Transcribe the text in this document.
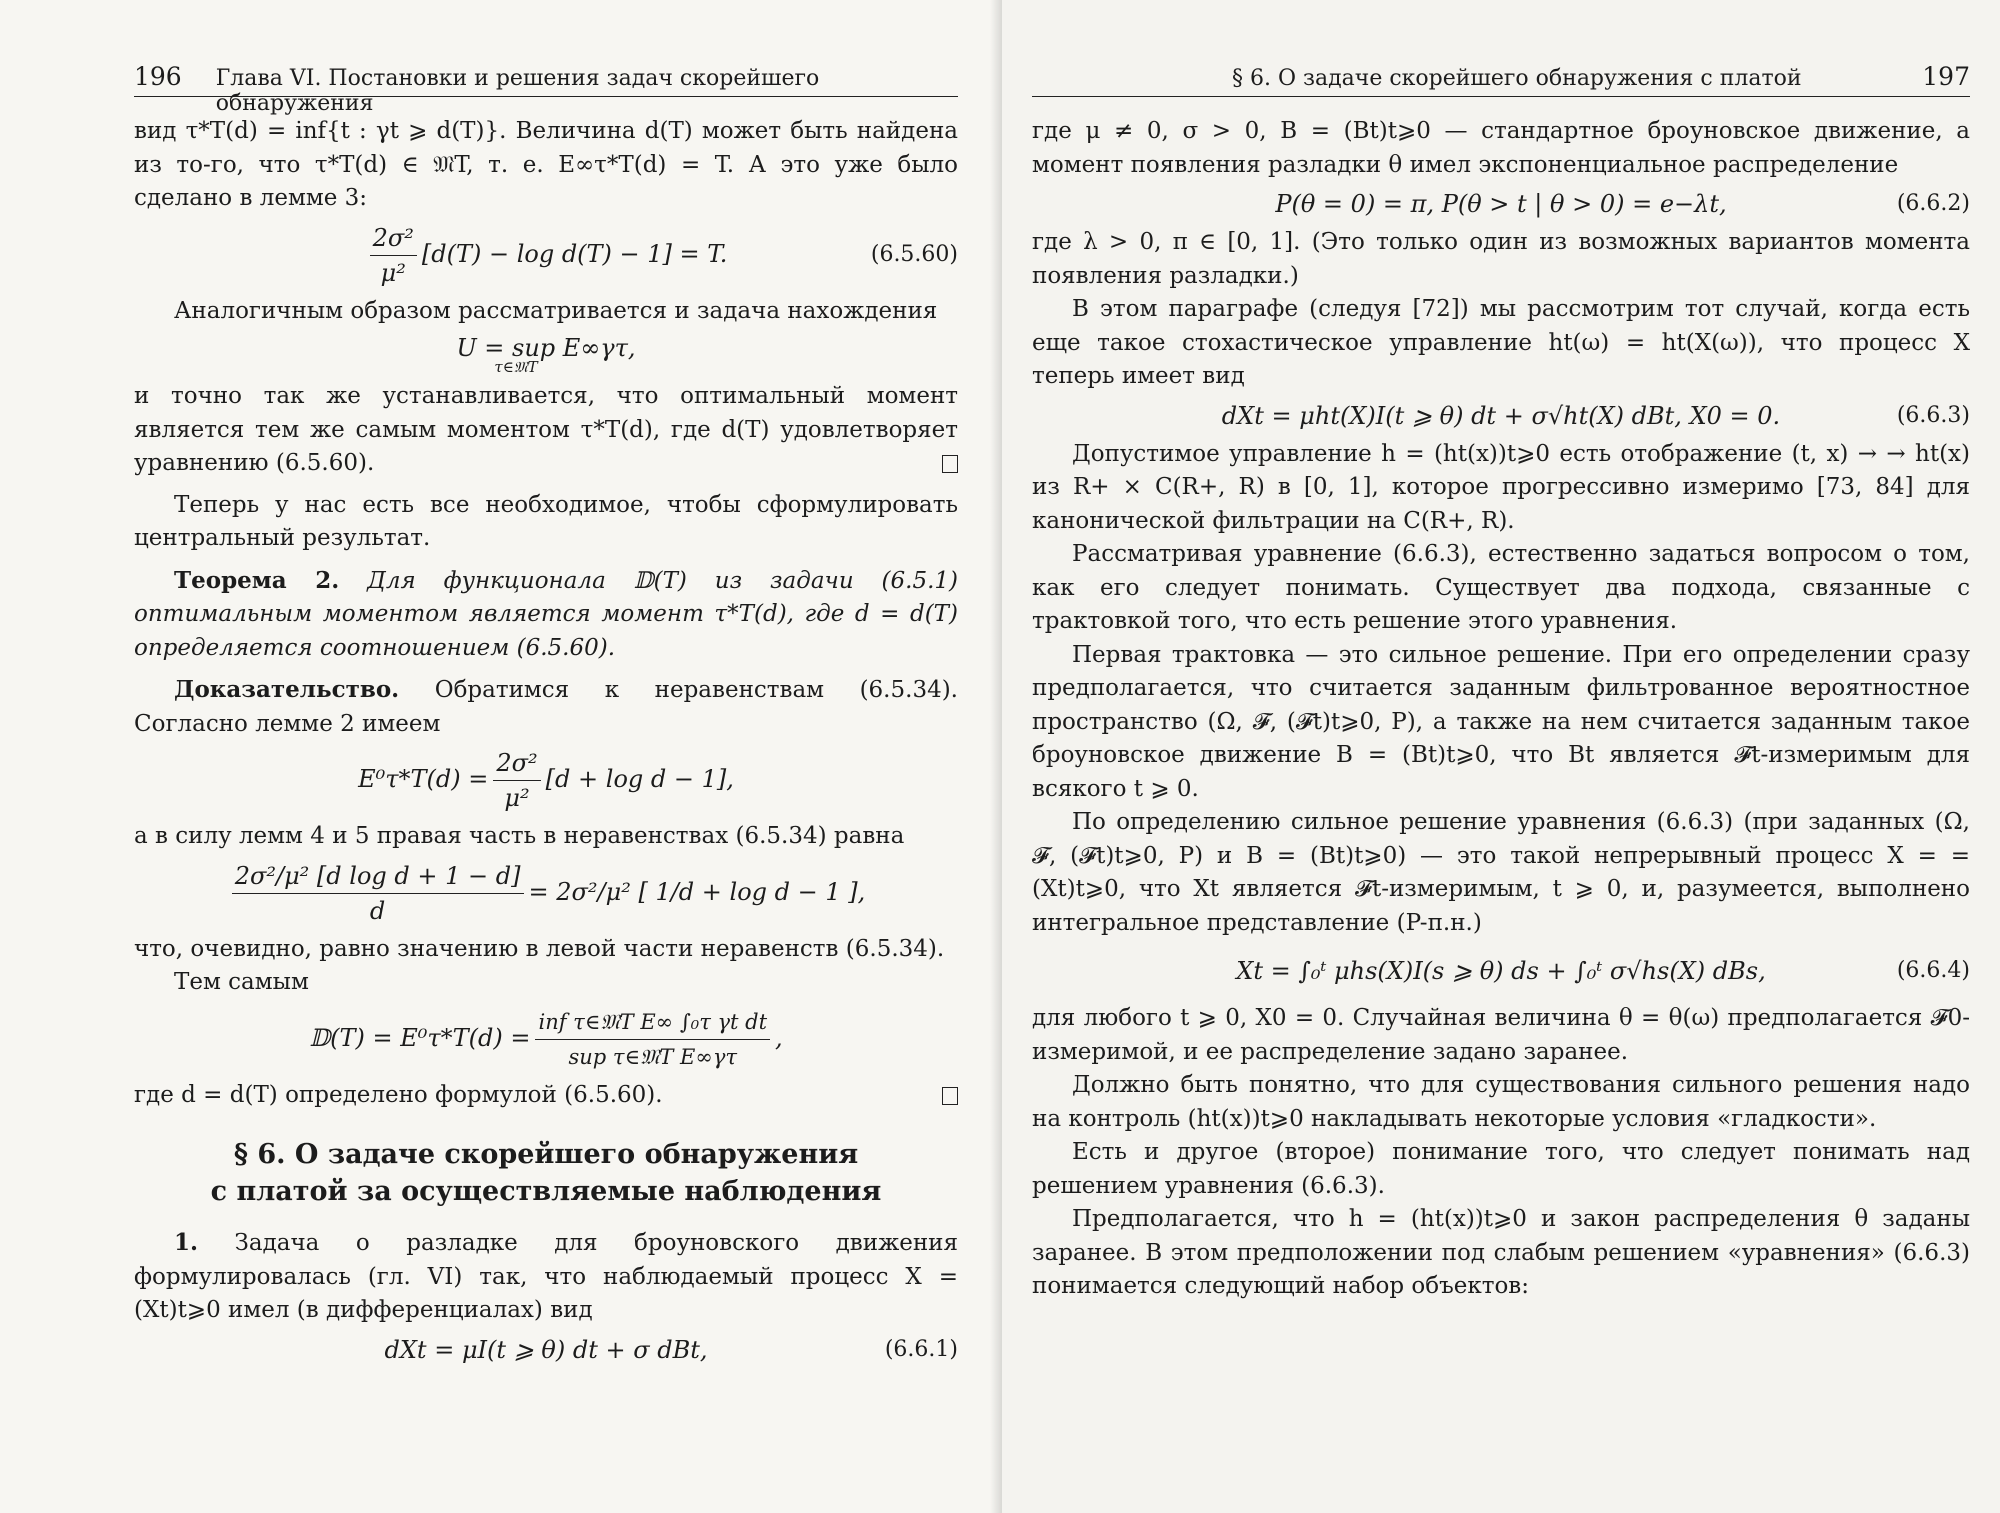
196 Глава VI. Постановки и решения задач скорейшего обнаружения

вид τ*T(d) = inf{t : γt ⩾ d(T)}. Величина d(T) может быть найдена из то-го, что τ*T(d) ∈ 𝔐T, т. е. E∞τ*T(d) = T. А это уже было сделано в лемме 3:

$\frac{\text{2σ²}}{\text{μ²}} [d(T) - \log d(T) - 1] = T$.	(6.5.60)

Аналогичным образом рассматривается и задача нахождения

U = sup E∞γτ,
τ∈𝔐T

и точно так же устанавливается, что оптимальный момент является тем же самым моментом τ*T(d), где d(T) удовлетворяет уравнению (6.5.60).

Теперь у нас есть все необходимое, чтобы сформулировать центральный результат.

Теорема 2. Для функционала 𝔻(T) из задачи (6.5.1) оптимальным моментом является момент τ*T(d), где d = d(T) определяется соотношением (6.5.60).

Доказательство. Обратимся к неравенствам (6.5.34). Согласно лемме 2 имеем

$E^0\tau*T(d) = \frac{\text{2σ²}}{\text{μ²}} [d + \log d - 1]$,

а в силу лемм 4 и 5 правая часть в неравенствах (6.5.34) равна

$\frac{\text{2σ²/μ² [d log d + 1 − d]}}{d} = 2\sigma^2/\mu^2$ [ 1/d + log d − 1 ],

что, очевидно, равно значению в левой части неравенств (6.5.34).

Тем самым

𝔻(T) = $E^0\tau*T(d) = \frac{\text{inf τ∈𝔐T E∞ ∫₀τ γt dt}}{\text{sup τ∈𝔐T E∞γτ}}$ ,

где d = d(T) определено формулой (6.5.60).

§ 6. О задаче скорейшего обнаружения
с платой за осуществляемые наблюдения

1. Задача о разладке для броуновского движения формулировалась (гл. VI) так, что наблюдаемый процесс X = (Xt)t⩾0 имел (в дифференциалах) вид

dXt = μI(t ⩾ θ) dt + σ dBt,	(6.6.1)
§ 6. О задаче скорейшего обнаружения с платой	197

где μ ≠ 0, σ > 0, B = (Bt)t⩾0 — стандартное броуновское движение, а момент появления разладки θ имел экспоненциальное распределение

P(θ = 0) = π, P(θ > t | θ > 0) = e−λt,	(6.6.2)

где λ > 0, π ∈ [0, 1]. (Это только один из возможных вариантов момента появления разладки.)

В этом параграфе (следуя [72]) мы рассмотрим тот случай, когда есть еще такое стохастическое управление ht(ω) = ht(X(ω)), что процесс X теперь имеет вид

dXt = μht(X)I(t ⩾ θ) dt + σ√ht(X) dBt, X0 = 0.	(6.6.3)

Допустимое управление h = (ht(x))t⩾0 есть отображение (t, x) → → ht(x) из R+ × C(R+, R) в [0, 1], которое прогрессивно измеримо [73, 84] для канонической фильтрации на C(R+, R).

Рассматривая уравнение (6.6.3), естественно задаться вопросом о том, как его следует понимать. Существует два подхода, связанные с трактовкой того, что есть решение этого уравнения.

Первая трактовка — это сильное решение. При его определении сразу предполагается, что считается заданным фильтрованное вероятностное пространство (Ω, 𝓕, (𝓕t)t⩾0, P), а также на нем считается заданным такое броуновское движение B = (Bt)t⩾0, что Bt является 𝓕t-измеримым для всякого t ⩾ 0.

По определению сильное решение уравнения (6.6.3) (при заданных (Ω, 𝓕, (𝓕t)t⩾0, P) и B = (Bt)t⩾0) — это такой непрерывный процесс X = = (Xt)t⩾0, что Xt является 𝓕t-измеримым, t ⩾ 0, и, разумеется, выполнено интегральное представление (P-п.н.)

Xt = ∫₀ᵗ μhs(X)I(s ⩾ θ) ds + ∫₀ᵗ σ√hs(X) dBs,	(6.6.4)

для любого t ⩾ 0, X0 = 0. Случайная величина θ = θ(ω) предполагается 𝓕0-измеримой, и ее распределение задано заранее.

Должно быть понятно, что для существования сильного решения надо на контроль (ht(x))t⩾0 накладывать некоторые условия «гладкости».

Есть и другое (второе) понимание того, что следует понимать над решением уравнения (6.6.3).

Предполагается, что h = (ht(x))t⩾0 и закон распределения θ заданы заранее. В этом предположении под слабым решением «уравнения» (6.6.3) понимается следующий набор объектов:
